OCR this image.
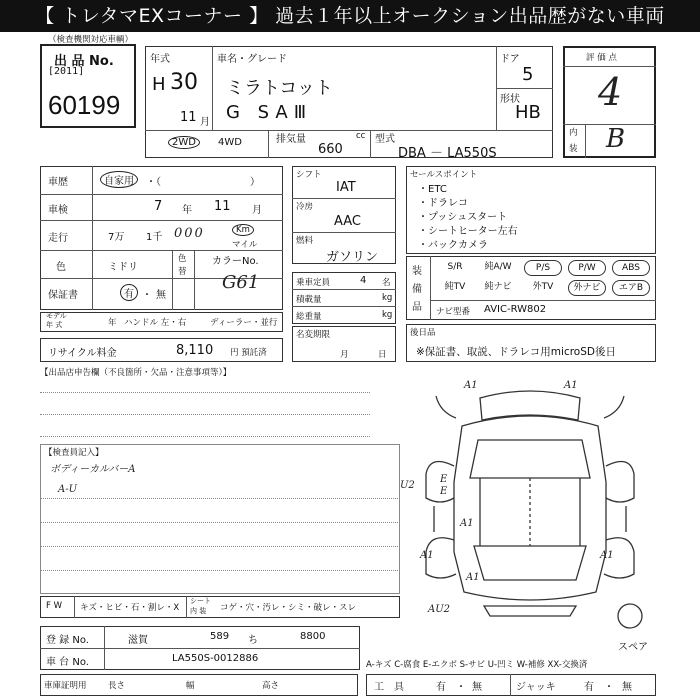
【 トレタマEXコーナー 】 過去１年以上オークション出品歴がない車両
（検査機関対応車輌）
出 品 No.
[2011]
60199
年式
H 30
11 月
車名・グレード
ミラトコット
G SAⅢ
ドア
5
形状
HB
2WD	4WD	排気量	cc
660
型式
DBA － LA550S
評 価 点
4
内
装 B
車歴	自家用	・（	）
車検	7 年 11 月
走行	7万 1千 000	Km
マイル
色	ミドリ
色
替
カラーNo.
G61
保証書	有 ・ 無
モデル
年 式	年 ハンドル 左・右	ディーラー・並行
リサイクル料金	8,110 円 預託済
シフト
IAT
冷房
AAC
燃料
ガソリン
乗車定員	4 名
積載量	kg
総重量	kg
名変期限
月	日
セールスポイント
・ETC
・ドラレコ
・プッシュスタート
・シートヒーター左右
・バックカメラ
装
備
品
S/R	純A/W	P/S	P/W	ABS
純TV	純ナビ	外TV	外ナビ	エアB
ナビ型番 AVIC-RW802
後日品
※保証書、取説、ドラレコ用microSD後日
【出品店申告欄（不良箇所・欠品・注意事項等）】
【検査員記入】
ボディーカルバーA
A-U
A1	A1
U2
E
E
A1
A1
A1
A1
AU2
スペア
F W キズ・ヒビ・石・割レ・X
シート
内 装 コゲ・穴・汚レ・シミ・破レ・スレ
登 録 No.	滋賀	589 ち	8800
車 台 No.	LA550S-0012886
A-キズ C-腐食 E-エクボ S-サビ U-凹ミ W-補修 XX-交換済
車庫証明用	長さ	幅	高さ	工　具	有 ・ 無	ジャッキ	有 ・ 無
